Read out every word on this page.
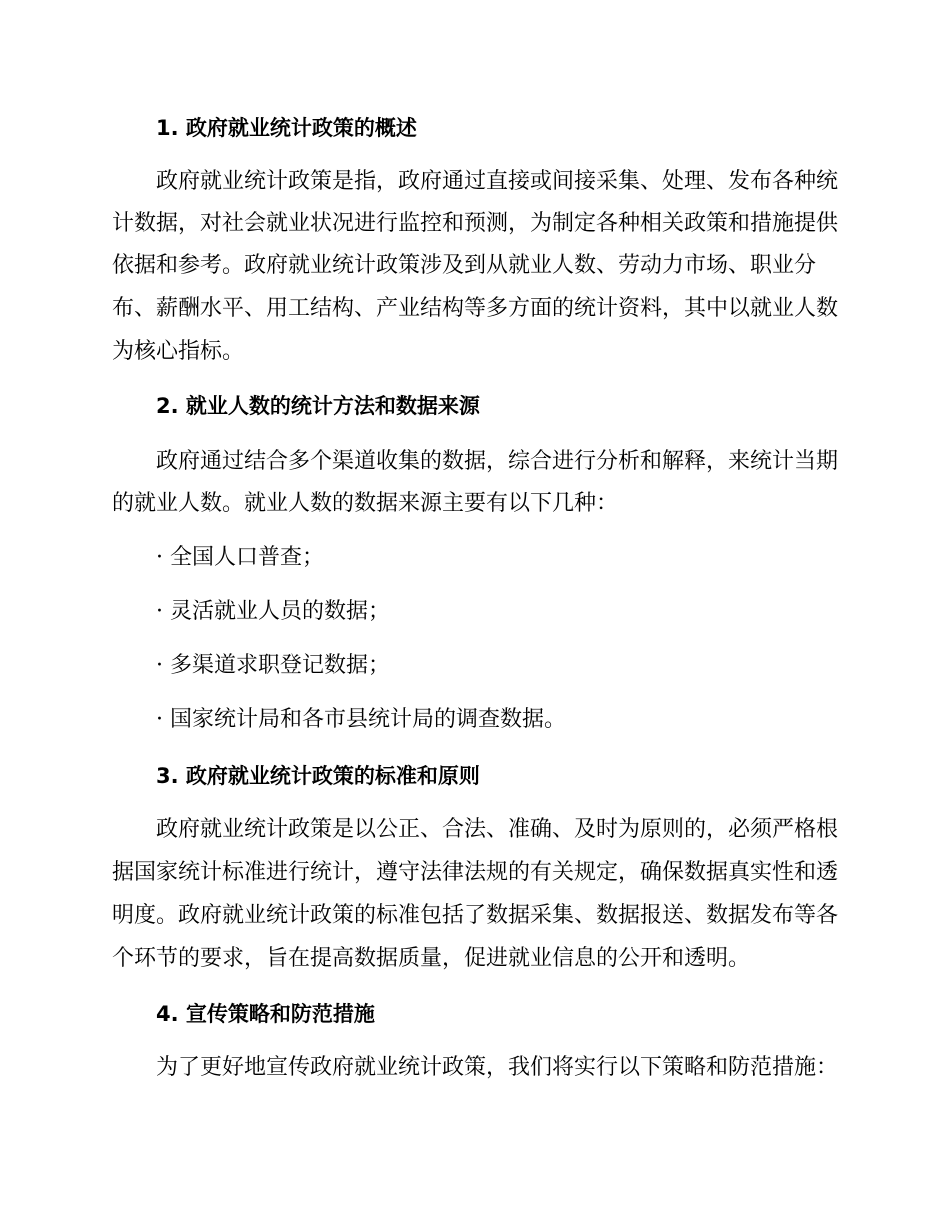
1. 政府就业统计政策的概述
政府就业统计政策是指，政府通过直接或间接采集、处理、发布各种统
计数据，对社会就业状况进行监控和预测，为制定各种相关政策和措施提供
依据和参考。政府就业统计政策涉及到从就业人数、劳动力市场、职业分
布、薪酬水平、用工结构、产业结构等多方面的统计资料，其中以就业人数
为核心指标。
2. 就业人数的统计方法和数据来源
政府通过结合多个渠道收集的数据，综合进行分析和解释，来统计当期
的就业人数。就业人数的数据来源主要有以下几种：
· 全国人口普查；
· 灵活就业人员的数据；
· 多渠道求职登记数据；
· 国家统计局和各市县统计局的调查数据。
3. 政府就业统计政策的标准和原则
政府就业统计政策是以公正、合法、准确、及时为原则的，必须严格根
据国家统计标准进行统计，遵守法律法规的有关规定，确保数据真实性和透
明度。政府就业统计政策的标准包括了数据采集、数据报送、数据发布等各
个环节的要求，旨在提高数据质量，促进就业信息的公开和透明。
4. 宣传策略和防范措施
为了更好地宣传政府就业统计政策，我们将实行以下策略和防范措施：
